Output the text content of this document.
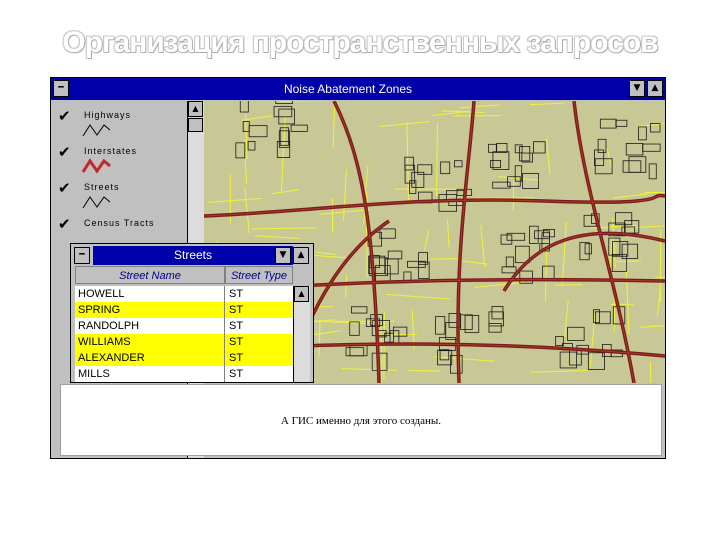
Организация пространственных запросов
━	Noise Abatement Zones	▼	▲
✔ Highways
✔ Interstates
✔ Streets
✔ Census Tracts
▲
━	Streets	▼	▲
Street Name	Street Type
HOWELL	ST
SPRING	ST
RANDOLPH	ST
WILLIAMS	ST
ALEXANDER	ST
MILLS	ST
▲
А ГИС именно для этого созданы.
